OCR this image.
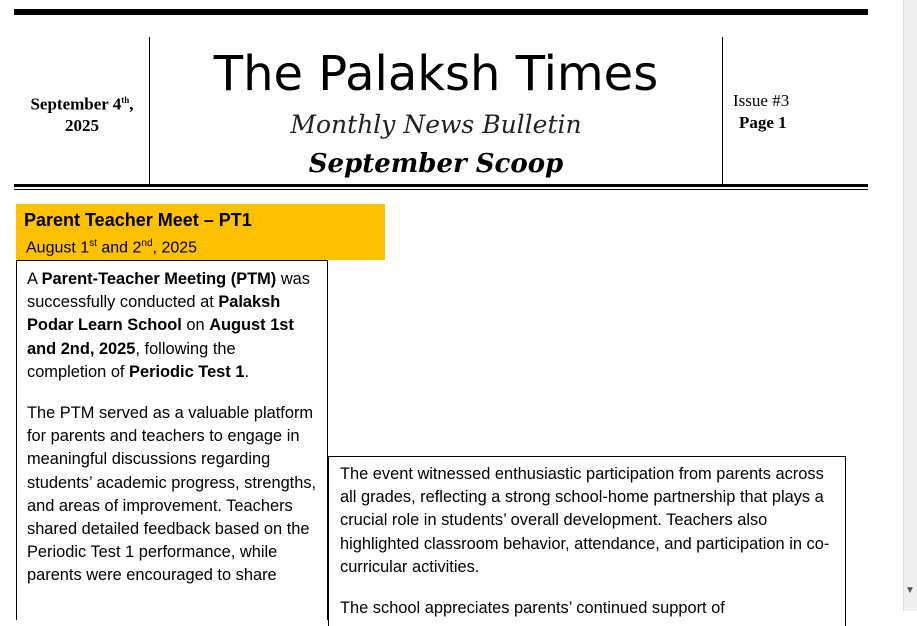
September 4th,
2025
The Palaksh Times
Monthly News Bulletin
September Scoop
Issue #3
Page 1
Parent Teacher Meet – PT1
August 1st and 2nd, 2025

A Parent-Teacher Meeting (PTM) was successfully conducted at Palaksh Podar Learn School on August 1st and 2nd, 2025, following the completion of Periodic Test 1.

The PTM served as a valuable platform for parents and teachers to engage in meaningful discussions regarding students’ academic progress, strengths, and areas of improvement. Teachers shared detailed feedback based on the Periodic Test 1 performance, while parents were encouraged to share

The event witnessed enthusiastic participation from parents across all grades, reflecting a strong school-home partnership that plays a crucial role in students’ overall development. Teachers also highlighted classroom behavior, attendance, and participation in co-curricular activities.

The school appreciates parents’ continued support of

▼
